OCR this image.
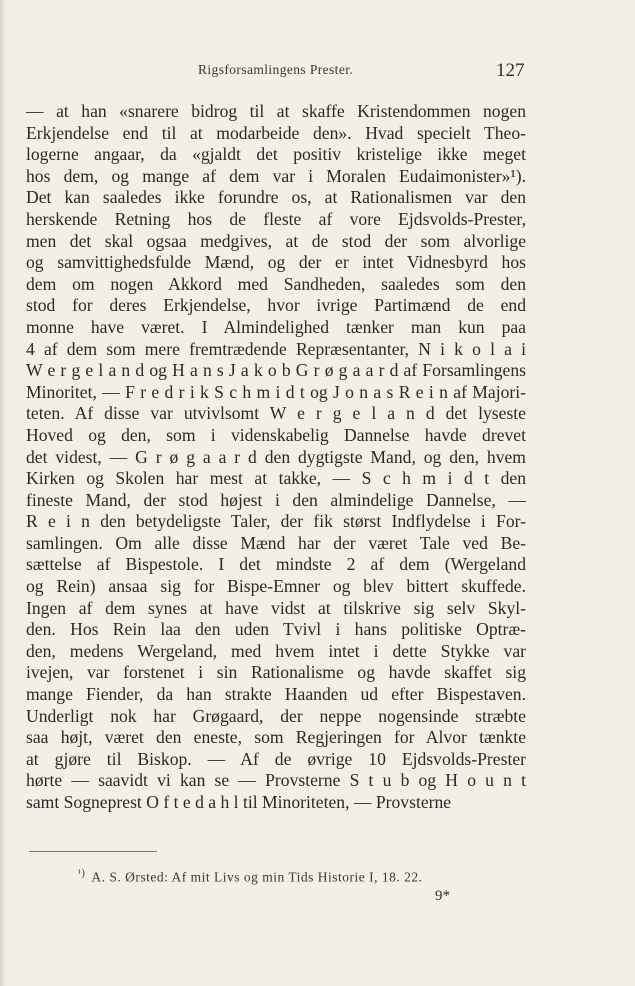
Rigsforsamlingens Prester.	127
— at han «snarere bidrog til at skaffe Kristendommen nogen
Erkjendelse end til at modarbeide den». Hvad specielt Theo-
logerne angaar, da «gjaldt det positiv kristelige ikke meget
hos dem, og mange af dem var i Moralen Eudaimonister»¹).
Det kan saaledes ikke forundre os, at Rationalismen var den
herskende Retning hos de fleste af vore Ejdsvolds-Prester,
men det skal ogsaa medgives, at de stod der som alvorlige
og samvittighedsfulde Mænd, og der er intet Vidnesbyrd hos
dem om nogen Akkord med Sandheden, saaledes som den
stod for deres Erkjendelse, hvor ivrige Partimænd de end
monne have været. I Almindelighed tænker man kun paa
4 af dem som mere fremtrædende Repræsentanter, N i k o l a i
W e r g e l a n d og H a n s J a k o b G r ø g a a r d af Forsamlingens
Minoritet, — F r e d r i k S c h m i d t og J o n a s R e i n af Majori-
teten. Af disse var utvivlsomt W e r g e l a n d det lyseste
Hoved og den, som i videnskabelig Dannelse havde drevet
det videst, — G r ø g a a r d den dygtigste Mand, og den, hvem
Kirken og Skolen har mest at takke, — S c h m i d t den
fineste Mand, der stod højest i den almindelige Dannelse, —
R e i n den betydeligste Taler, der fik størst Indflydelse i For-
samlingen. Om alle disse Mænd har der været Tale ved Be-
sættelse af Bispestole. I det mindste 2 af dem (Wergeland
og Rein) ansaa sig for Bispe-Emner og blev bittert skuffede.
Ingen af dem synes at have vidst at tilskrive sig selv Skyl-
den. Hos Rein laa den uden Tvivl i hans politiske Optræ-
den, medens Wergeland, med hvem intet i dette Stykke var
ivejen, var forstenet i sin Rationalisme og havde skaffet sig
mange Fiender, da han strakte Haanden ud efter Bispestaven.
Underligt nok har Grøgaard, der neppe nogensinde stræbte
saa højt, været den eneste, som Regjeringen for Alvor tænkte
at gjøre til Biskop. — Af de øvrige 10 Ejdsvolds-Prester
hørte — saavidt vi kan se — Provsterne S t u b og H o u n t
samt Sogneprest O f t e d a h l til Minoriteten, — Provsterne
$^{^1)}$ A. S. Ørsted: Af mit Livs og min Tids Historie I, 18. 22.
9*
